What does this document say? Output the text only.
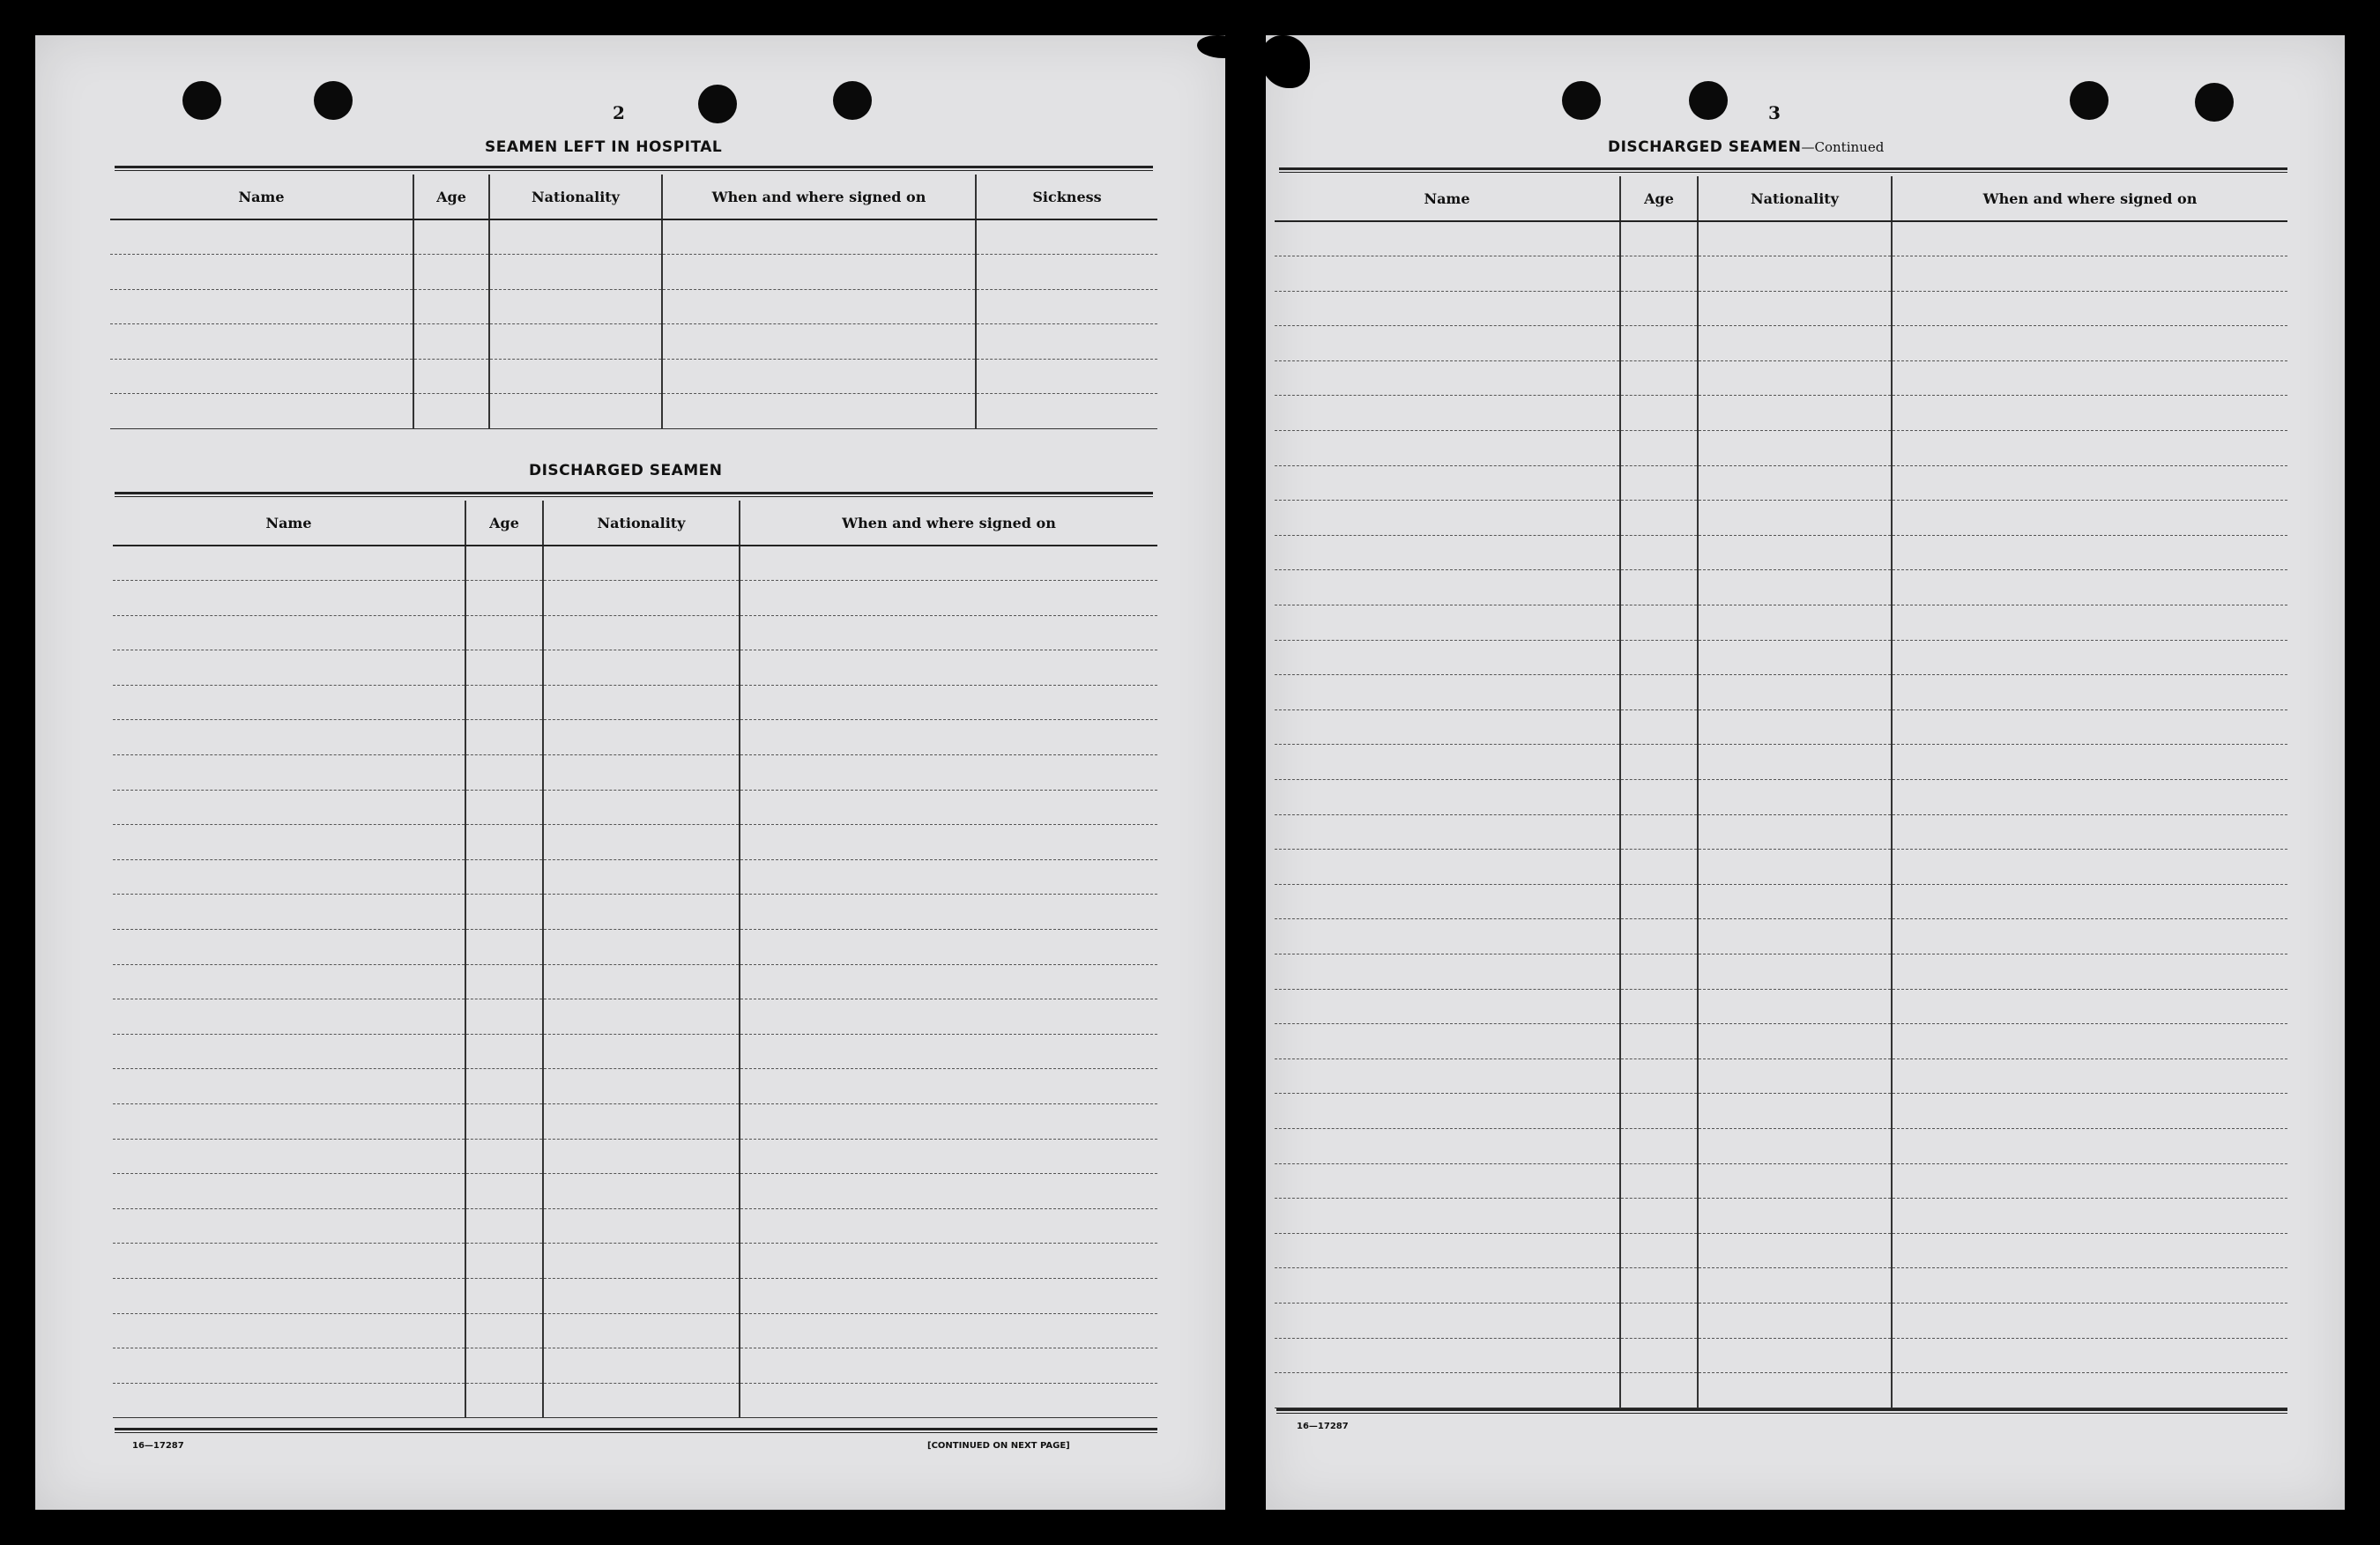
2
SEAMEN LEFT IN HOSPITAL
Name	Age	Nationality	When and where signed on	Sickness

DISCHARGED SEAMEN
Name	Age	Nationality	When and where signed on

16—17287	[CONTINUED ON NEXT PAGE]
3
DISCHARGED SEAMEN—Continued
Name	Age	Nationality	When and where signed on

16—17287
